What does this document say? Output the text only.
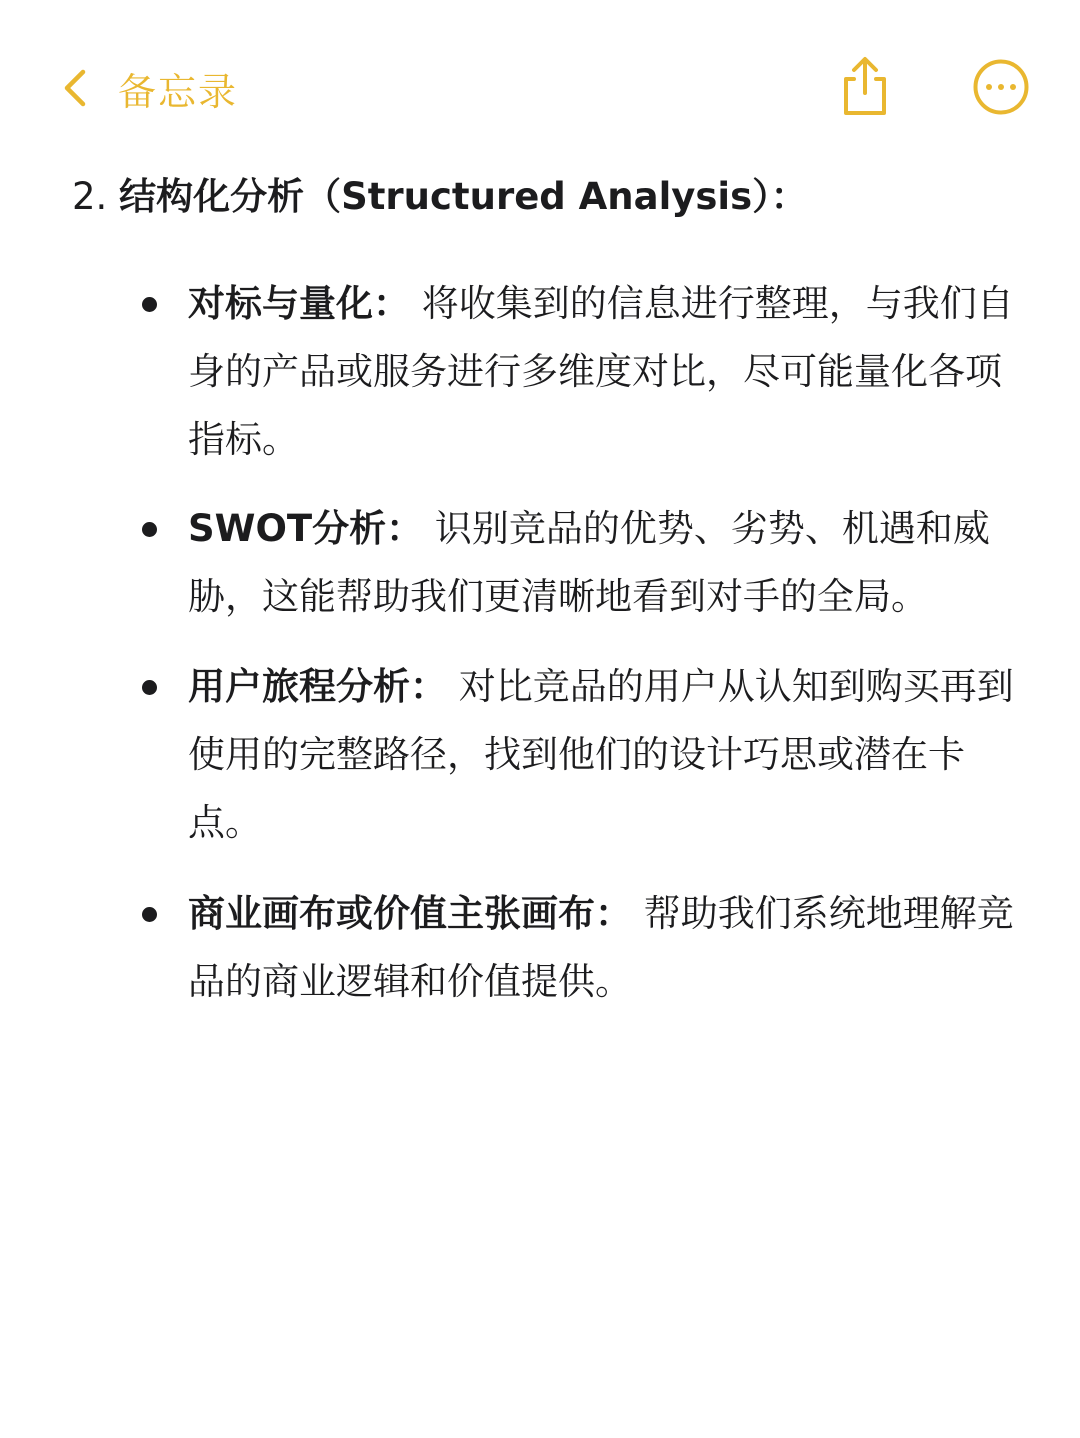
备忘录
2. 结构化分析（Structured Analysis）：
对标与量化： 将收集到的信息进行整理，与我们自身的产品或服务进行多维度对比，尽可能量化各项指标。
SWOT分析： 识别竞品的优势、劣势、机遇和威胁，这能帮助我们更清晰地看到对手的全局。
用户旅程分析： 对比竞品的用户从认知到购买再到使用的完整路径，找到他们的设计巧思或潜在卡点。
商业画布或价值主张画布： 帮助我们系统地理解竞品的商业逻辑和价值提供。
